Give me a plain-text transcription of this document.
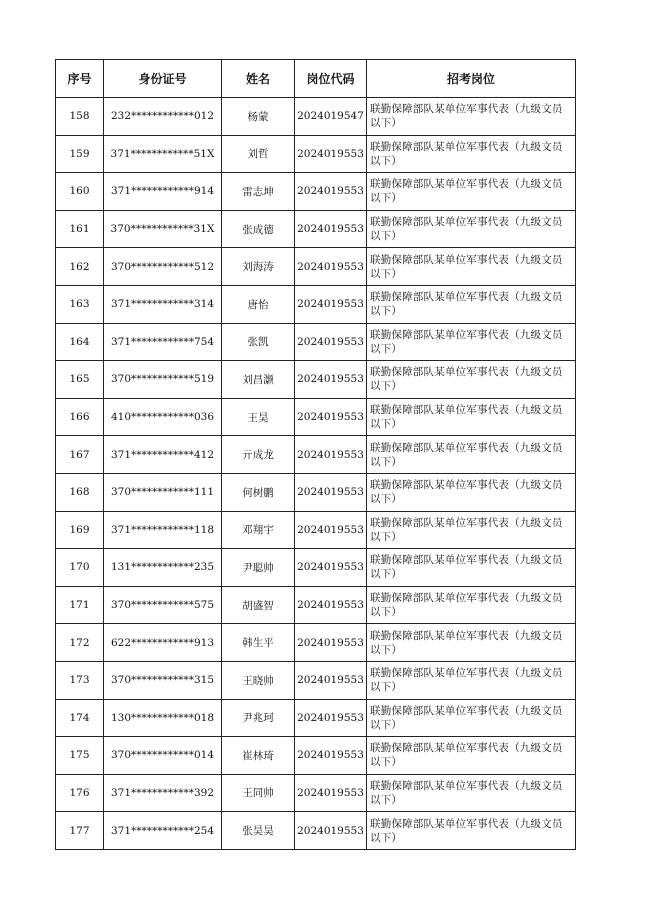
序号	身份证号	姓名	岗位代码	招考岗位
158	232************012	杨蒙	2024019547	联勤保障部队某单位军事代表（九级文员以下）
159	371************51X	刘哲	2024019553	联勤保障部队某单位军事代表（九级文员以下）
160	371************914	雷志坤	2024019553	联勤保障部队某单位军事代表（九级文员以下）
161	370************31X	张成德	2024019553	联勤保障部队某单位军事代表（九级文员以下）
162	370************512	刘海涛	2024019553	联勤保障部队某单位军事代表（九级文员以下）
163	371************314	唐怡	2024019553	联勤保障部队某单位军事代表（九级文员以下）
164	371************754	张凯	2024019553	联勤保障部队某单位军事代表（九级文员以下）
165	370************519	刘昌灏	2024019553	联勤保障部队某单位军事代表（九级文员以下）
166	410************036	王昊	2024019553	联勤保障部队某单位军事代表（九级文员以下）
167	371************412	亓成龙	2024019553	联勤保障部队某单位军事代表（九级文员以下）
168	370************111	何树鹏	2024019553	联勤保障部队某单位军事代表（九级文员以下）
169	371************118	邓翔宇	2024019553	联勤保障部队某单位军事代表（九级文员以下）
170	131************235	尹聪帅	2024019553	联勤保障部队某单位军事代表（九级文员以下）
171	370************575	胡盛智	2024019553	联勤保障部队某单位军事代表（九级文员以下）
172	622************913	韩生平	2024019553	联勤保障部队某单位军事代表（九级文员以下）
173	370************315	王晓帅	2024019553	联勤保障部队某单位军事代表（九级文员以下）
174	130************018	尹兆珂	2024019553	联勤保障部队某单位军事代表（九级文员以下）
175	370************014	崔林琦	2024019553	联勤保障部队某单位军事代表（九级文员以下）
176	371************392	王同帅	2024019553	联勤保障部队某单位军事代表（九级文员以下）
177	371************254	张昊昊	2024019553	联勤保障部队某单位军事代表（九级文员以下）
